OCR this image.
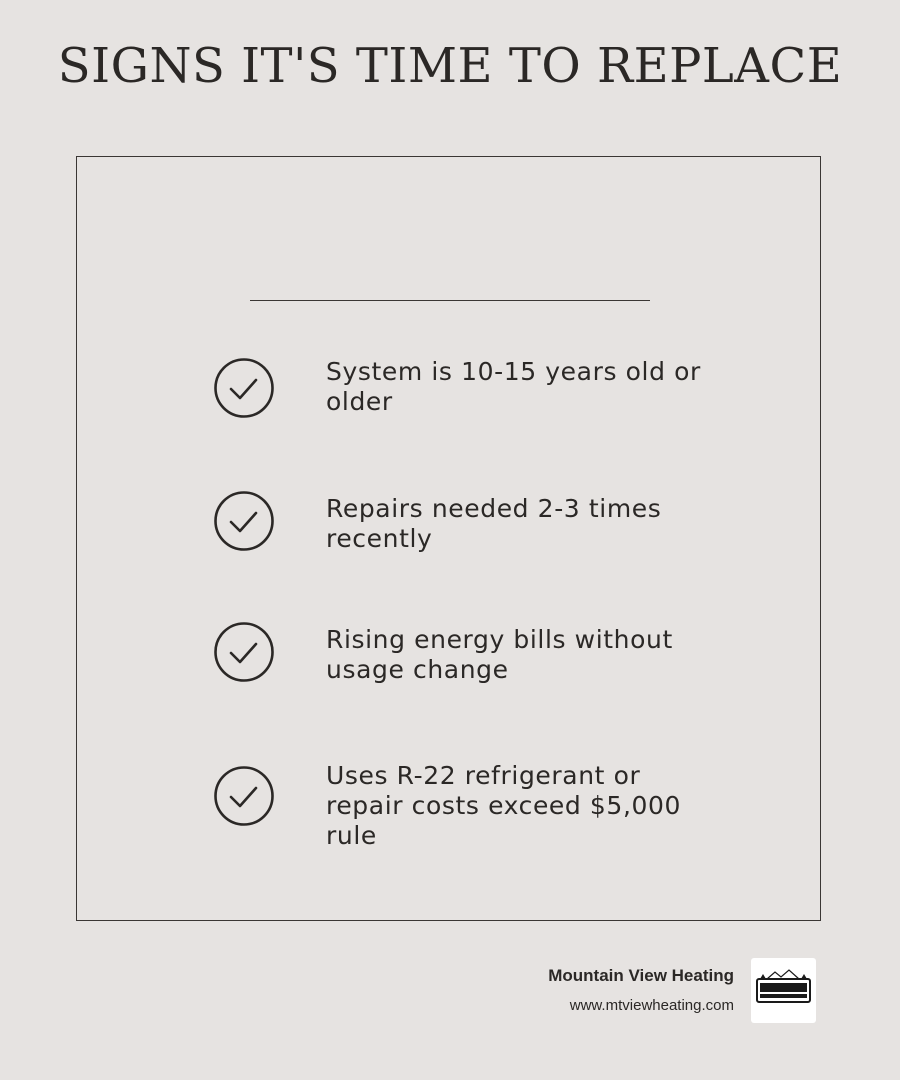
SIGNS IT'S TIME TO REPLACE
System is 10-15 years old or older
Repairs needed 2-3 times recently
Rising energy bills without usage change
Uses R-22 refrigerant or repair costs exceed $5,000 rule
Mountain View Heating
www.mtviewheating.com
